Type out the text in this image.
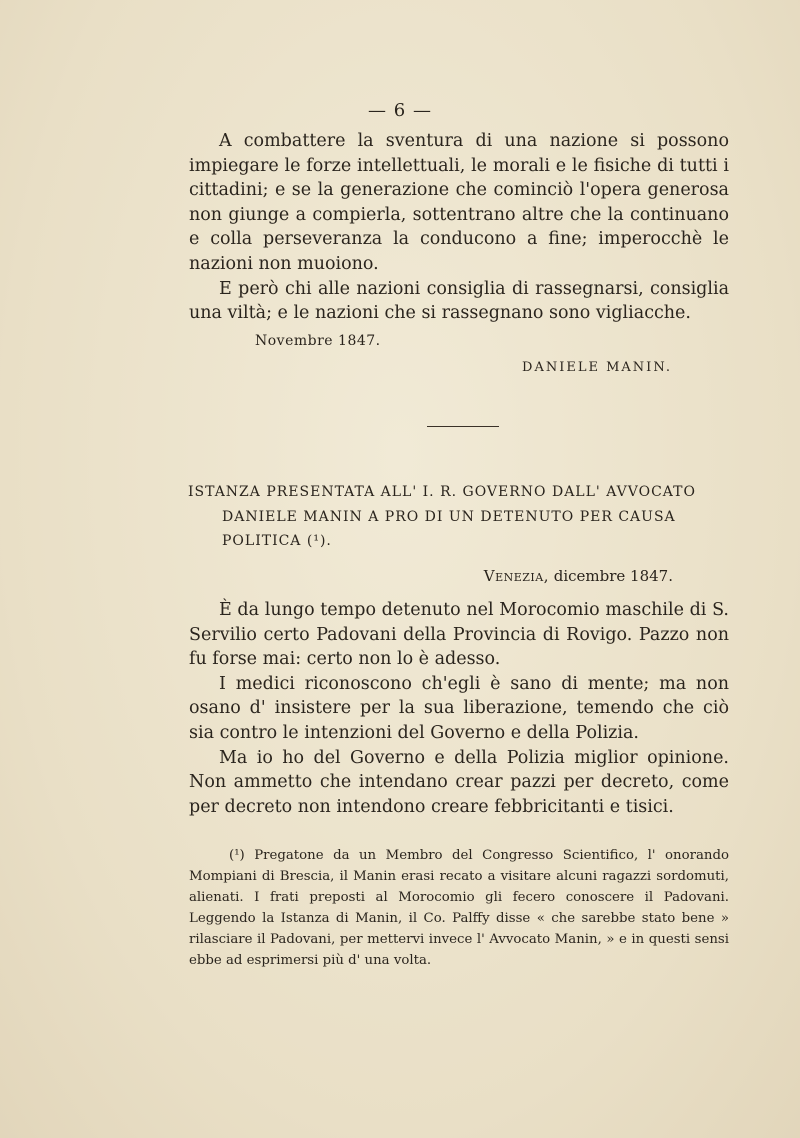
— 6 —

A combattere la sventura di una nazione si possono impiegare le forze intellettuali, le morali e le fisiche di tutti i cittadini; e se la generazione che cominciò l'opera generosa non giunge a compierla, sottentrano altre che la continuano e colla perseveranza la conducono a fine; imperocchè le nazioni non muoiono.

E però chi alle nazioni consiglia di rassegnarsi, consiglia una viltà; e le nazioni che si rassegnano sono vigliacche.

Novembre 1847.
DANIELE MANIN.
ISTANZA PRESENTATA ALL' I. R. GOVERNO DALL' AVVOCATO
DANIELE MANIN A PRO DI UN DETENUTO PER CAUSA POLITICA (¹).
Venezia, dicembre 1847.

È da lungo tempo detenuto nel Morocomio maschile di S. Servilio certo Padovani della Provincia di Rovigo. Pazzo non fu forse mai: certo non lo è adesso.

I medici riconoscono ch'egli è sano di mente; ma non osano d' insistere per la sua liberazione, temendo che ciò sia contro le intenzioni del Governo e della Polizia.

Ma io ho del Governo e della Polizia miglior opinione. Non ammetto che intendano crear pazzi per decreto, come per decreto non intendono creare febbricitanti e tisici.

(¹) Pregatone da un Membro del Congresso Scientifico, l' onorando Mompiani di Brescia, il Manin erasi recato a visitare alcuni ragazzi sordomuti, alienati. I frati preposti al Morocomio gli fecero conoscere il Padovani. Leggendo la Istanza di Manin, il Co. Palffy disse « che sarebbe stato bene » rilasciare il Padovani, per mettervi invece l' Avvocato Manin, » e in questi sensi ebbe ad esprimersi più d' una volta.
